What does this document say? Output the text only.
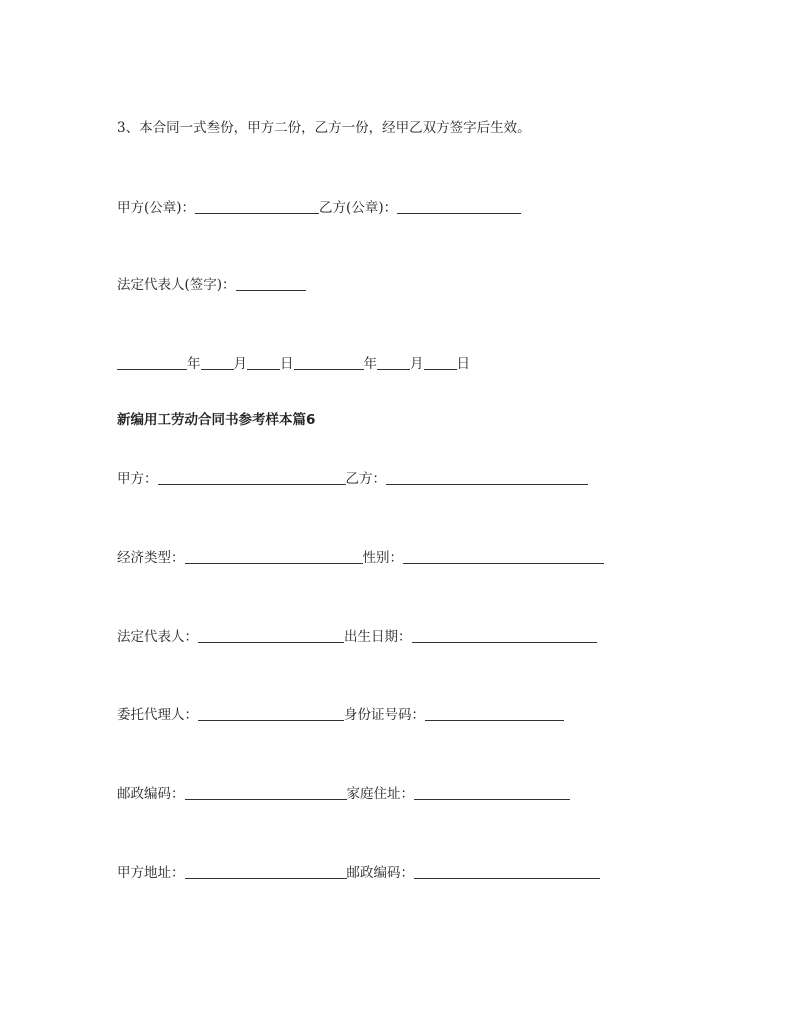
3、本合同一式叁份，甲方二份，乙方一份，经甲乙双方签字后生效。
甲方(公章)：	乙方(公章)：
法定代表人(签字)：
年 月 日	年 月 日
新编用工劳动合同书参考样本篇6
甲方：	乙方：
经济类型：	性别：
法定代表人：	出生日期：
委托代理人：	身份证号码：
邮政编码：	家庭住址：
甲方地址：	邮政编码：
